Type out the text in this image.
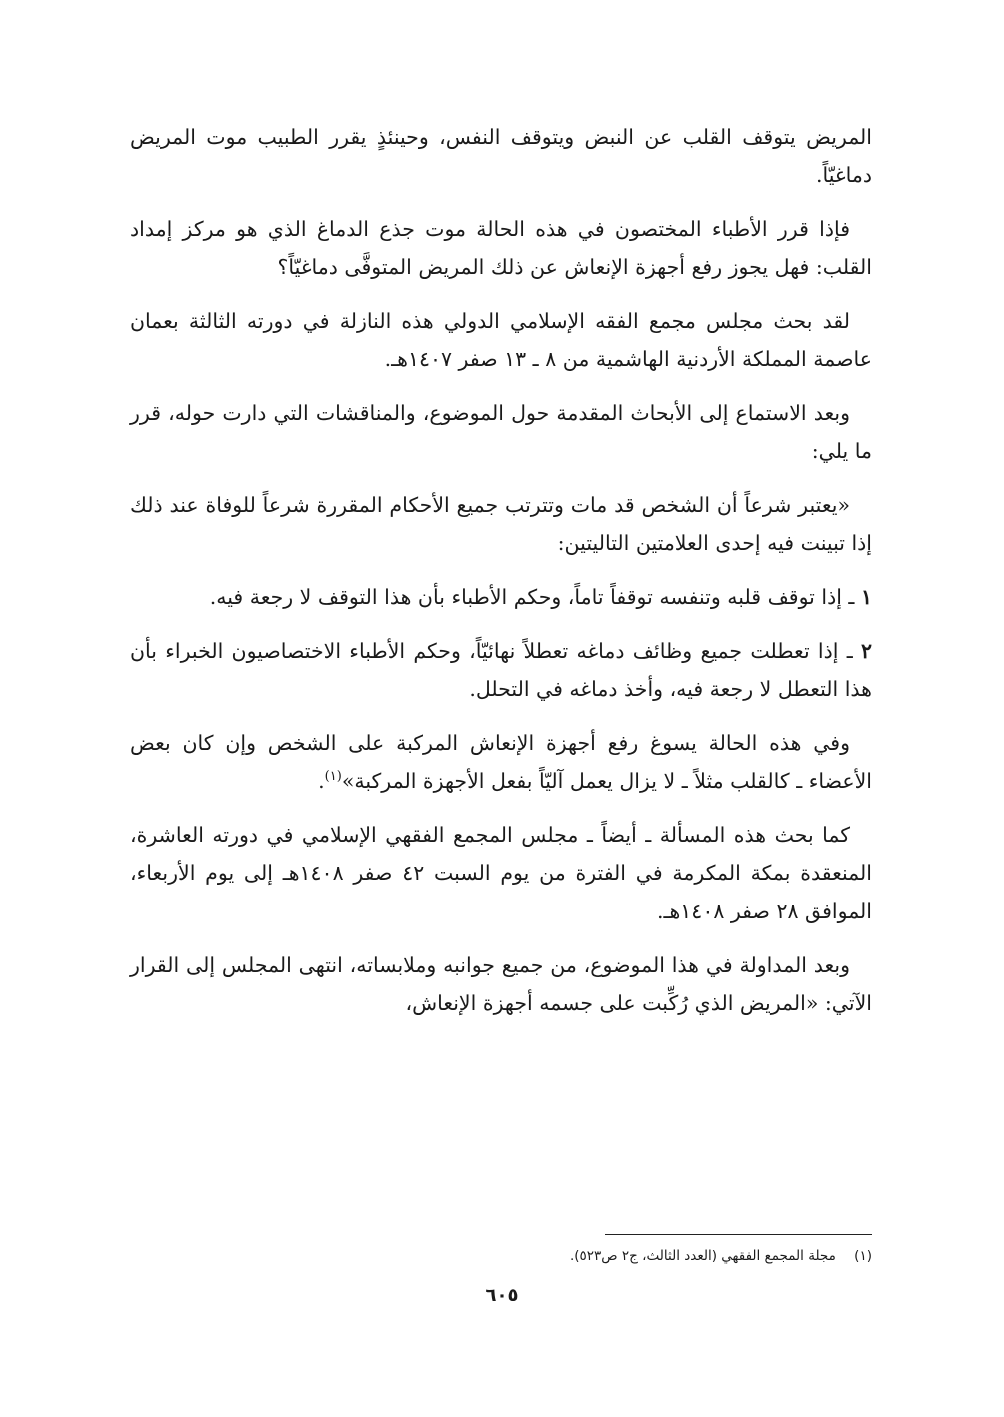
المريض يتوقف القلب عن النبض ويتوقف النفس، وحينئذٍ يقرر الطبيب موت المريض دماغيّاً.

فإذا قرر الأطباء المختصون في هذه الحالة موت جذع الدماغ الذي هو مركز إمداد القلب: فهل يجوز رفع أجهزة الإنعاش عن ذلك المريض المتوفَّى دماغيّاً؟

لقد بحث مجلس مجمع الفقه الإسلامي الدولي هذه النازلة في دورته الثالثة بعمان عاصمة المملكة الأردنية الهاشمية من ٨ ـ ١٣ صفر ١٤٠٧هـ.

وبعد الاستماع إلى الأبحاث المقدمة حول الموضوع، والمناقشات التي دارت حوله، قرر ما يلي:

«يعتبر شرعاً أن الشخص قد مات وتترتب جميع الأحكام المقررة شرعاً للوفاة عند ذلك إذا تبينت فيه إحدى العلامتين التاليتين:

١ ـ إذا توقف قلبه وتنفسه توقفاً تاماً، وحكم الأطباء بأن هذا التوقف لا رجعة فيه.

٢ ـ إذا تعطلت جميع وظائف دماغه تعطلاً نهائيّاً، وحكم الأطباء الاختصاصيون الخبراء بأن هذا التعطل لا رجعة فيه، وأخذ دماغه في التحلل.

وفي هذه الحالة يسوغ رفع أجهزة الإنعاش المركبة على الشخص وإن كان بعض الأعضاء ـ كالقلب مثلاً ـ لا يزال يعمل آليّاً بفعل الأجهزة المركبة»$^{(١)}$.

كما بحث هذه المسألة ـ أيضاً ـ مجلس المجمع الفقهي الإسلامي في دورته العاشرة، المنعقدة بمكة المكرمة في الفترة من يوم السبت ٤٢ صفر ١٤٠٨هـ إلى يوم الأربعاء، الموافق ٢٨ صفر ١٤٠٨هـ.

وبعد المداولة في هذا الموضوع، من جميع جوانبه وملابساته، انتهى المجلس إلى القرار الآتي: «المريض الذي رُكِّبت على جسمه أجهزة الإنعاش،

(١) مجلة المجمع الفقهي (العدد الثالث، ج٢ ص٥٢٣).
٦٠٥
